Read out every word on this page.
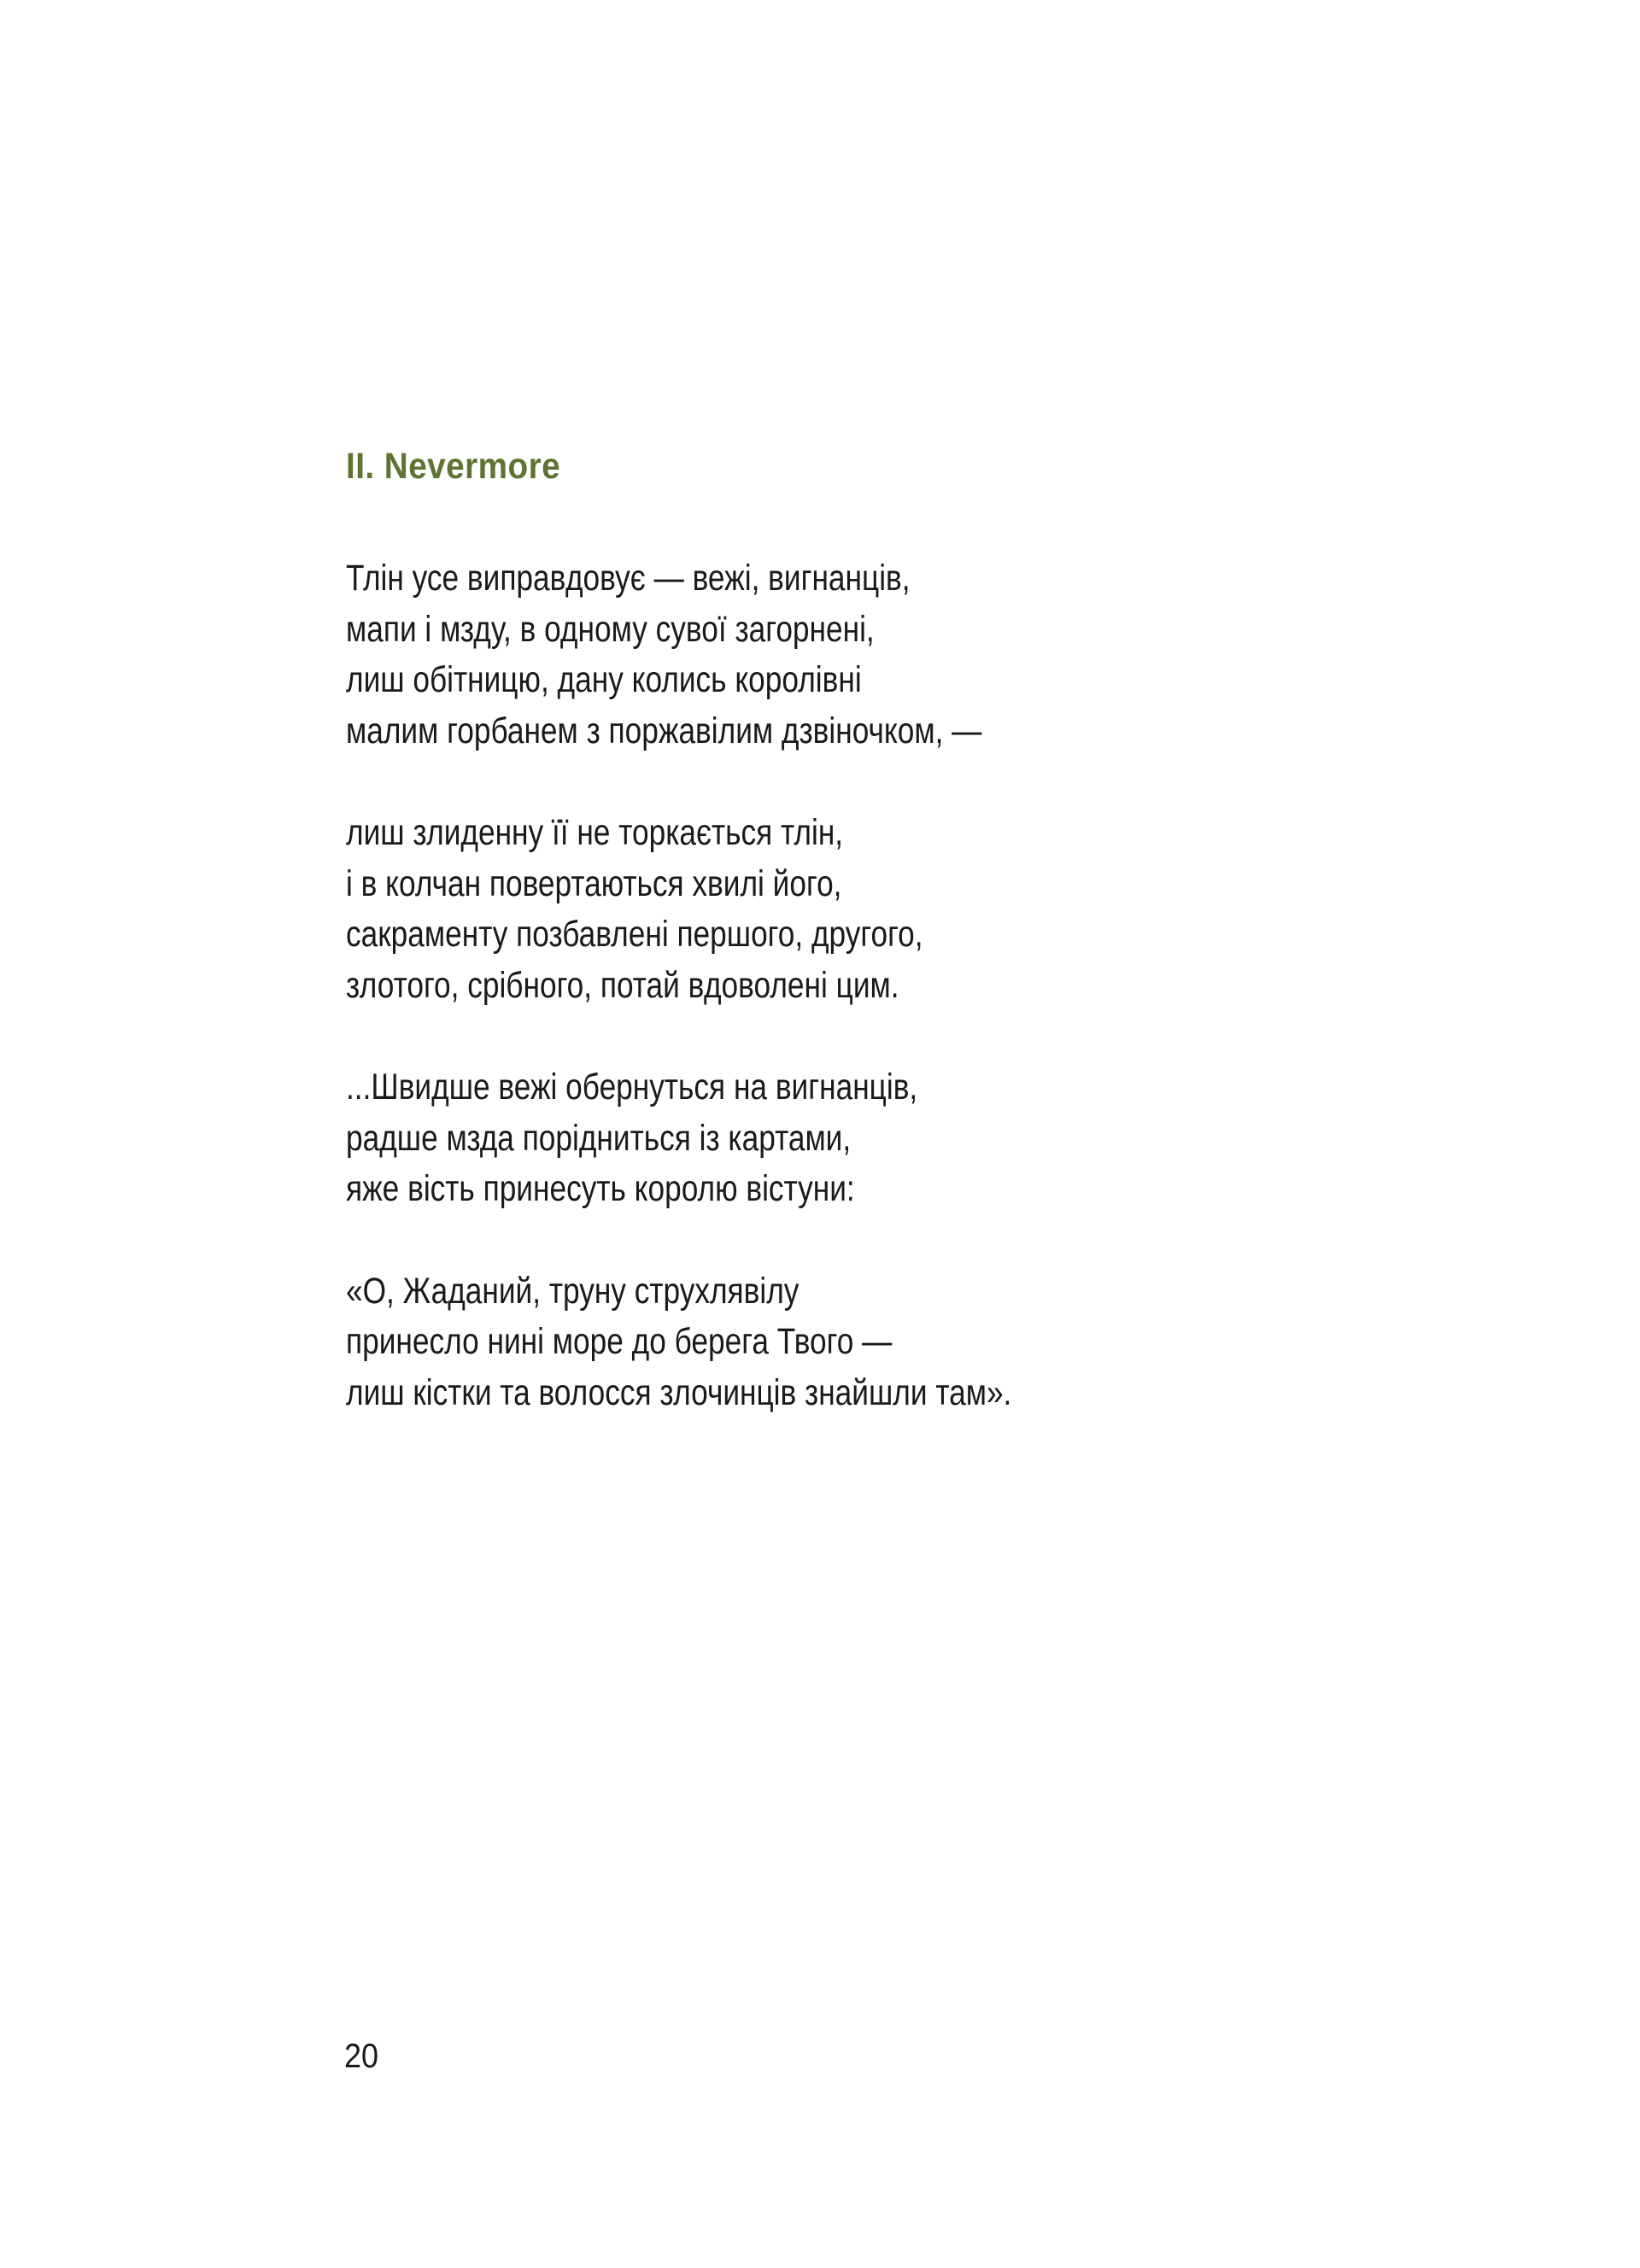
II. Nevermore
Тлін усе виправдовує — вежі, вигнанців,
мапи і мзду, в одному сувої загорнені,
лиш обітницю, дану колись королівні
малим горбанем з поржавілим дзвіночком, —
лиш злиденну її не торкається тлін,
і в колчан повертаються хвилі його,
сакраменту позбавлені першого, другого,
злотого, срібного, потай вдоволені цим.
...Швидше вежі обернуться на вигнанців,
радше мзда порідниться із картами,
яже вість принесуть королю вістуни:
«О, Жаданий, труну струхлявілу
принесло нині море до берега Твого —
лиш кістки та волосся злочинців знайшли там».
20
